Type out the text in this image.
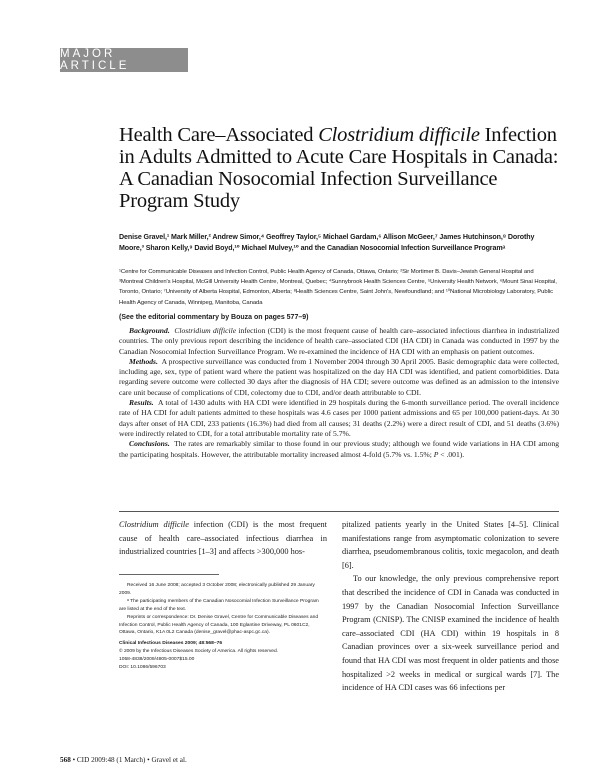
MAJOR ARTICLE
Health Care–Associated Clostridium difficile Infection in Adults Admitted to Acute Care Hospitals in Canada: A Canadian Nosocomial Infection Surveillance Program Study
Denise Gravel,¹ Mark Miller,² Andrew Simor,⁴ Geoffrey Taylor,⁵ Michael Gardam,⁶ Allison McGeer,⁷ James Hutchinson,⁸ Dorothy Moore,³ Sharon Kelly,⁹ David Boyd,¹⁰ Michael Mulvey,¹⁰ and the Canadian Nosocomial Infection Surveillance Programᵃ
¹Centre for Communicable Diseases and Infection Control, Public Health Agency of Canada, Ottawa, Ontario; ²Sir Mortimer B. Davis–Jewish General Hospital and ³Montreal Children's Hospital, McGill University Health Centre, Montreal, Quebec; ⁴Sunnybrook Health Sciences Centre, ⁵University Health Network, ⁶Mount Sinai Hospital, Toronto, Ontario; ⁷University of Alberta Hospital, Edmonton, Alberta; ⁸Health Sciences Centre, Saint John's, Newfoundland; and ¹⁰National Microbiology Laboratory, Public Health Agency of Canada, Winnipeg, Manitoba, Canada
(See the editorial commentary by Bouza on pages 577–9)

Background. Clostridium difficile infection (CDI) is the most frequent cause of health care–associated infectious diarrhea in industrialized countries. The only previous report describing the incidence of health care–associated CDI (HA CDI) in Canada was conducted in 1997 by the Canadian Nosocomial Infection Surveillance Program. We re-examined the incidence of HA CDI with an emphasis on patient outcomes.

Methods. A prospective surveillance was conducted from 1 November 2004 through 30 April 2005. Basic demographic data were collected, including age, sex, type of patient ward where the patient was hospitalized on the day HA CDI was identified, and patient comorbidities. Data regarding severe outcome were collected 30 days after the diagnosis of HA CDI; severe outcome was defined as an admission to the intensive care unit because of complications of CDI, colectomy due to CDI, and/or death attributable to CDI.

Results. A total of 1430 adults with HA CDI were identified in 29 hospitals during the 6-month surveillance period. The overall incidence rate of HA CDI for adult patients admitted to these hospitals was 4.6 cases per 1000 patient admissions and 65 per 100,000 patient-days. At 30 days after onset of HA CDI, 233 patients (16.3%) had died from all causes; 31 deaths (2.2%) were a direct result of CDI, and 51 deaths (3.6%) were indirectly related to CDI, for a total attributable mortality rate of 5.7%.

Conclusions. The rates are remarkably similar to those found in our previous study; although we found wide variations in HA CDI among the participating hospitals. However, the attributable mortality increased almost 4-fold (5.7% vs. 1.5%; P < .001).

Clostridium difficile infection (CDI) is the most frequent cause of health care–associated infectious diarrhea in industrialized countries [1–3] and affects >300,000 hos-

Received 16 June 2008; accepted 3 October 2008; electronically published 29 January 2009.

ᵃ The participating members of the Canadian Nosocomial Infection Surveillance Program are listed at the end of the text.

Reprints or correspondence: Dr. Denise Gravel, Centre for Communicable Diseases and Infection Control, Public Health Agency of Canada, 100 Eglantine Driveway, PL 0601C2, Ottawa, Ontario, K1A 0L2 Canada (denise_gravel@phac-aspc.gc.ca).

Clinical Infectious Diseases 2009; 48:568–76

© 2009 by the Infectious Diseases Society of America. All rights reserved.

1058-4838/2009/4805-0007$15.00

DOI: 10.1086/596703

pitalized patients yearly in the United States [4–5]. Clinical manifestations range from asymptomatic colonization to severe diarrhea, pseudomembranous colitis, toxic megacolon, and death [6].

To our knowledge, the only previous comprehensive report that described the incidence of CDI in Canada was conducted in 1997 by the Canadian Nosocomial Infection Surveillance Program (CNISP). The CNISP examined the incidence of health care–associated CDI (HA CDI) within 19 hospitals in 8 Canadian provinces over a six-week surveillance period and found that HA CDI was most frequent in older patients and those hospitalized >2 weeks in medical or surgical wards [7]. The incidence of HA CDI cases was 66 infections per

568 • CID 2009:48 (1 March) • Gravel et al.
